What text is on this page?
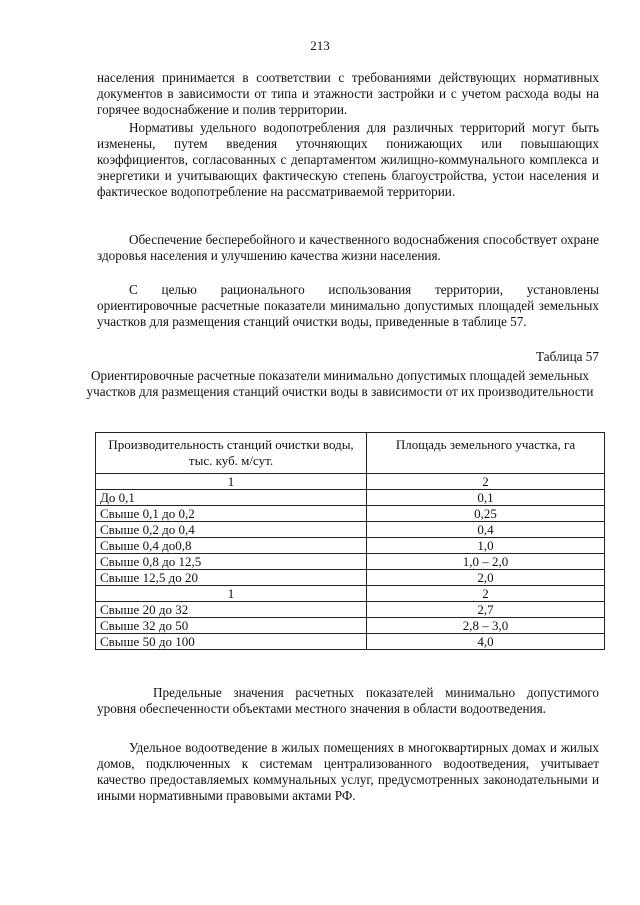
213

населения принимается в соответствии с требованиями действующих нормативных документов в зависимости от типа и этажности застройки и с учетом расхода воды на горячее водоснабжение и полив территории.

Нормативы удельного водопотребления для различных территорий могут быть изменены, путем введения уточняющих понижающих или повышающих коэффициентов, согласованных с департаментом жилищно-коммунального комплекса и энергетики и учитывающих фактическую степень благоустройства, устои населения и фактическое водопотребление на рассматриваемой территории.

Обеспечение бесперебойного и качественного водоснабжения способствует охране здоровья населения и улучшению качества жизни населения.

С целью рационального использования территории, установлены ориентировочные расчетные показатели минимально допустимых площадей земельных участков для размещения станций очистки воды, приведенные в таблице 57.

Таблица 57

Ориентировочные расчетные показатели минимально допустимых площадей земельных участков для размещения станций очистки воды в зависимости от их производительности

Производительность станций очистки воды, тыс. куб. м/сут.	Площадь земельного участка, га
1	2
До 0,1	0,1
Свыше 0,1 до 0,2	0,25
Свыше 0,2 до 0,4	0,4
Свыше 0,4 до0,8	1,0
Свыше 0,8 до 12,5	1,0 – 2,0
Свыше 12,5 до 20	2,0
1	2
Свыше 20 до 32	2,7
Свыше 32 до 50	2,8 – 3,0
Свыше 50 до 100	4,0

Предельные значения расчетных показателей минимально допустимого уровня обеспеченности объектами местного значения в области водоотведения.

Удельное водоотведение в жилых помещениях в многоквартирных домах и жилых домов, подключенных к системам централизованного водоотведения, учитывает качество предоставляемых коммунальных услуг, предусмотренных законодательными и иными нормативными правовыми актами РФ.
